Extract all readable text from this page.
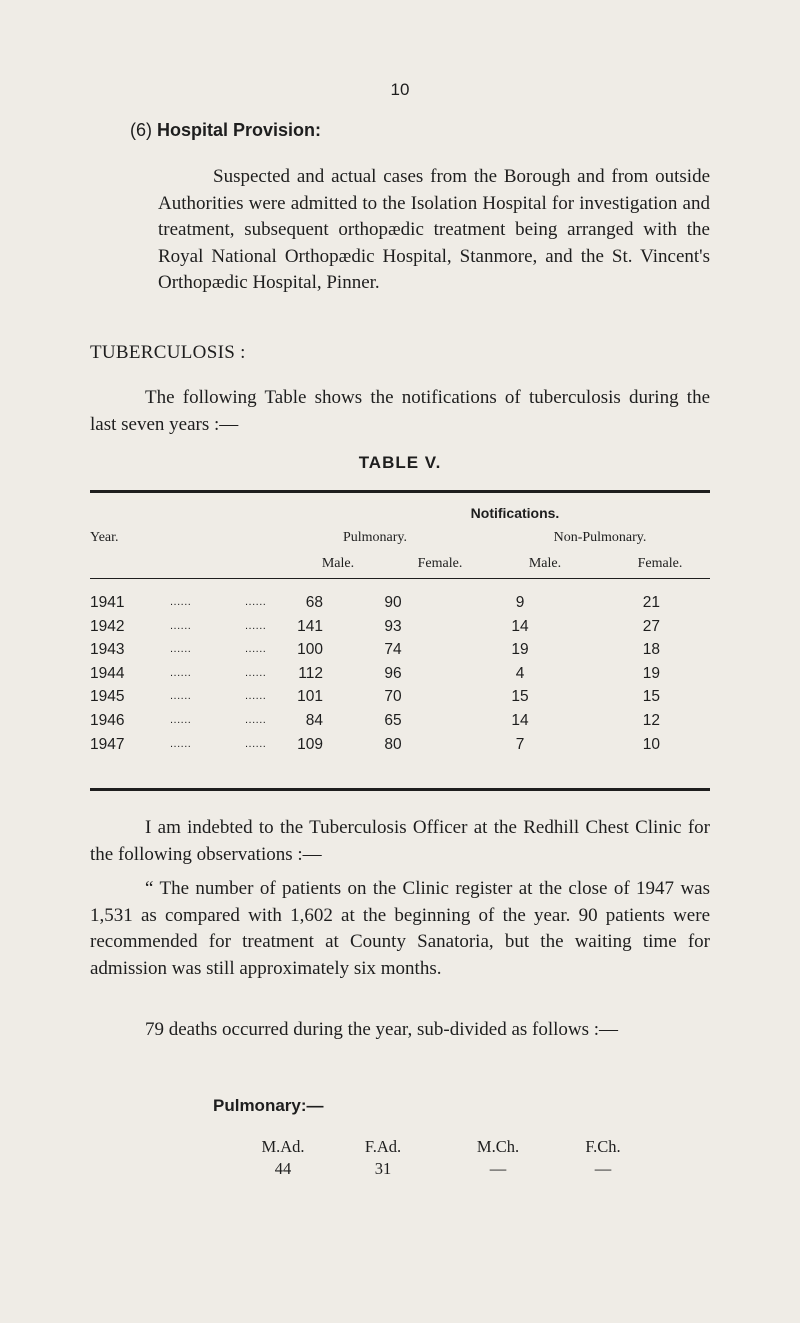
10
(6) Hospital Provision:

Suspected and actual cases from the Borough and from outside Authorities were admitted to the Isolation Hospital for investigation and treatment, subsequent orthopædic treatment being arranged with the Royal National Orthopædic Hospital, Stanmore, and the St. Vincent's Orthopædic Hospital, Pinner.

TUBERCULOSIS :

The following Table shows the notifications of tuberculosis during the last seven years :—

TABLE V.
Notifications.
Year.	Pulmonary.	Non-Pulmonary.
Male.	Female.	Male.	Female.
1941	......	......	68	90	9	21
1942	......	......	141	93	14	27
1943	......	......	100	74	19	18
1944	......	......	112	96	4	19
1945	......	......	101	70	15	15
1946	......	......	84	65	14	12
1947	......	......	109	80	7	10

I am indebted to the Tuberculosis Officer at the Redhill Chest Clinic for the following observations :—

“ The number of patients on the Clinic register at the close of 1947 was 1,531 as compared with 1,602 at the beginning of the year. 90 patients were recommended for treatment at County Sanatoria, but the waiting time for admission was still approximately six months.

79 deaths occurred during the year, sub-divided as follows :—

Pulmonary:—
M.Ad.	F.Ad.	M.Ch.	F.Ch.
44	31	—	—
